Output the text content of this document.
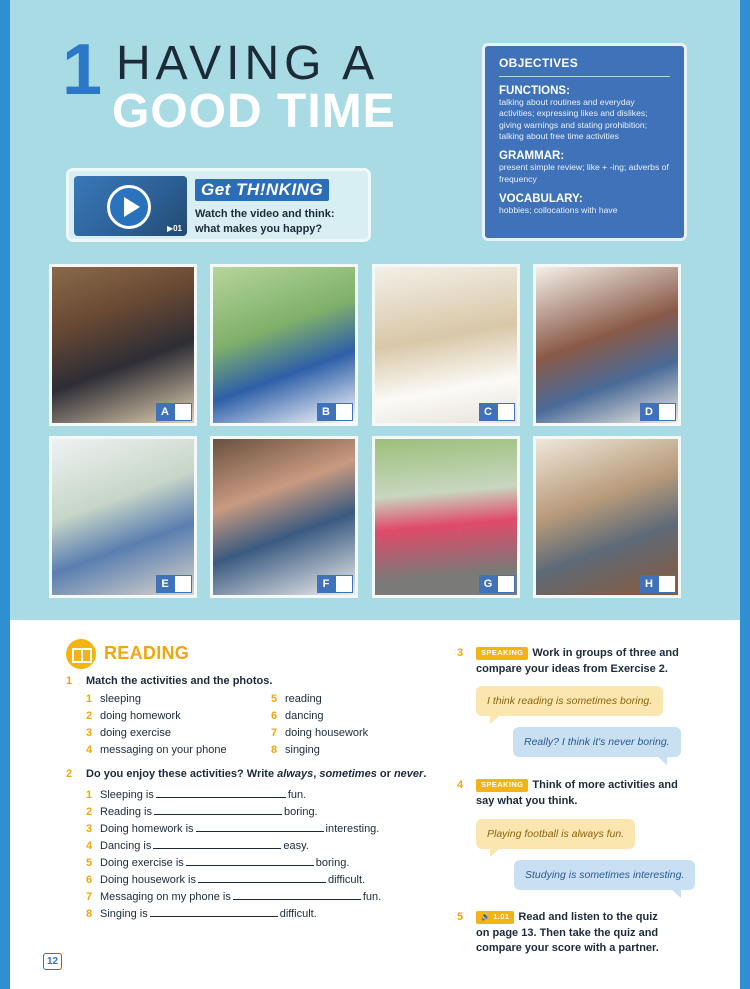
1 HAVING A
GOOD TIME
OBJECTIVES
FUNCTIONS:

talking about routines and everyday activities; expressing likes and dislikes; giving warnings and stating prohibition; talking about free time activities

GRAMMAR:

present simple review; like + -ing; adverbs of frequency

VOCABULARY:

hobbies; collocations with have

▶01
Get TH!NKING
Watch the video and think:
what makes you happy?
A	B	C	D
E	F	G	H
READING
1 Match the activities and the photos.
1 sleeping
2 doing homework
3 doing exercise
4 messaging on your phone
5 reading
6 dancing
7 doing housework
8 singing
2 Do you enjoy these activities? Write always, sometimes or never.
1 Sleeping is	fun.
2 Reading is	boring.
3 Doing homework is	interesting.
4 Dancing is	easy.
5 Doing exercise is	boring.
6 Doing housework is	difficult.
7 Messaging on my phone is	fun.
8 Singing is	difficult.
3	SPEAKING Work in groups of three and
compare your ideas from Exercise 2.
I think reading is sometimes boring.
Really? I think it's never boring.
4	SPEAKING Think of more activities and
say what you think.
Playing football is always fun.
Studying is sometimes interesting.
5	🔊 1.01 Read and listen to the quiz
on page 13. Then take the quiz and
compare your score with a partner.
12
